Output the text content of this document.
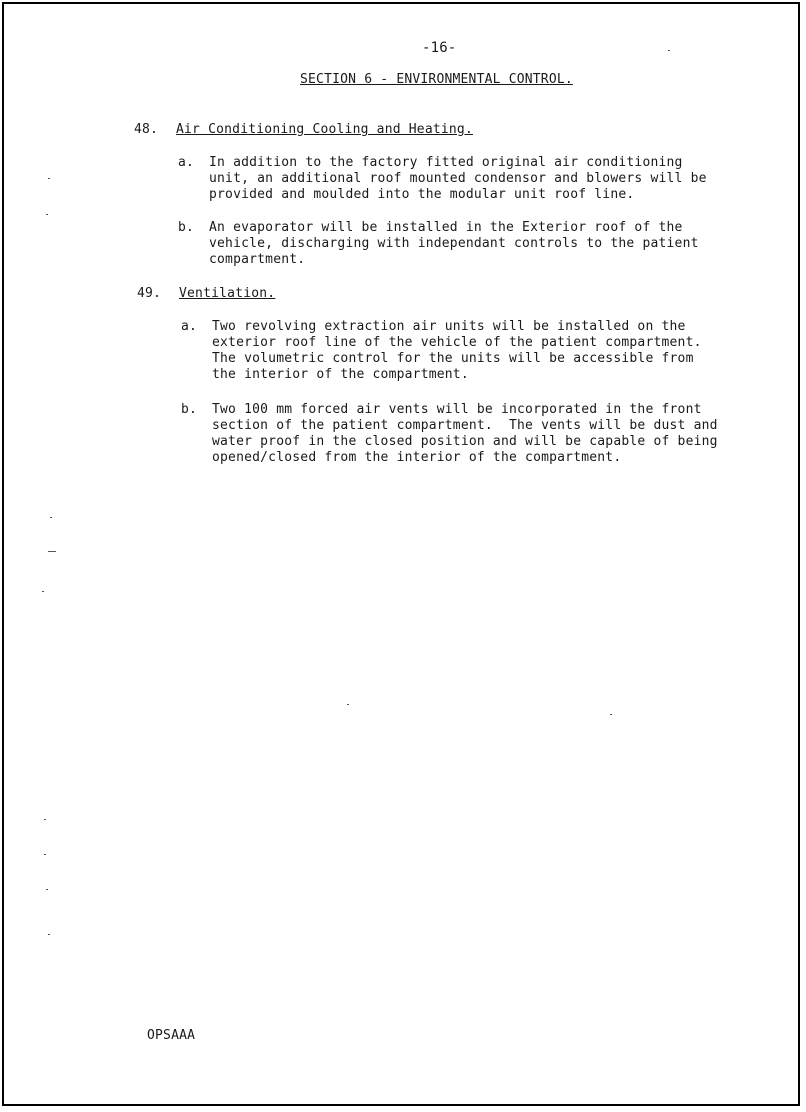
-16-
SECTION 6 - ENVIRONMENTAL CONTROL.
48. Air Conditioning Cooling and Heating.
a. In addition to the factory fitted original air conditioning
unit, an additional roof mounted condensor and blowers will be
provided and moulded into the modular unit roof line.
b. An evaporator will be installed in the Exterior roof of the
vehicle, discharging with independant controls to the patient
compartment.
49. Ventilation.
a. Two revolving extraction air units will be installed on the
exterior roof line of the vehicle of the patient compartment.
The volumetric control for the units will be accessible from
the interior of the compartment.
b. Two 100 mm forced air vents will be incorporated in the front
section of the patient compartment.  The vents will be dust and
water proof in the closed position and will be capable of being
opened/closed from the interior of the compartment.
OPSAAA
